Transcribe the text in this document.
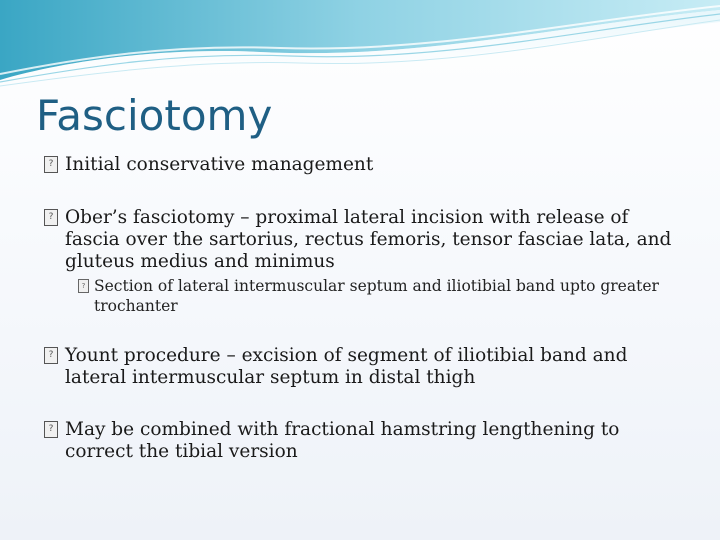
Fasciotomy
? Initial conservative management
? Ober’s fasciotomy – proximal lateral incision with release of fascia over the sartorius, rectus femoris, tensor fasciae lata, and gluteus medius and minimus
? Section of lateral intermuscular septum and iliotibial band upto greater trochanter
? Yount procedure – excision of segment of iliotibial band and lateral intermuscular septum in distal thigh
? May be combined with fractional hamstring lengthening to correct the tibial version
